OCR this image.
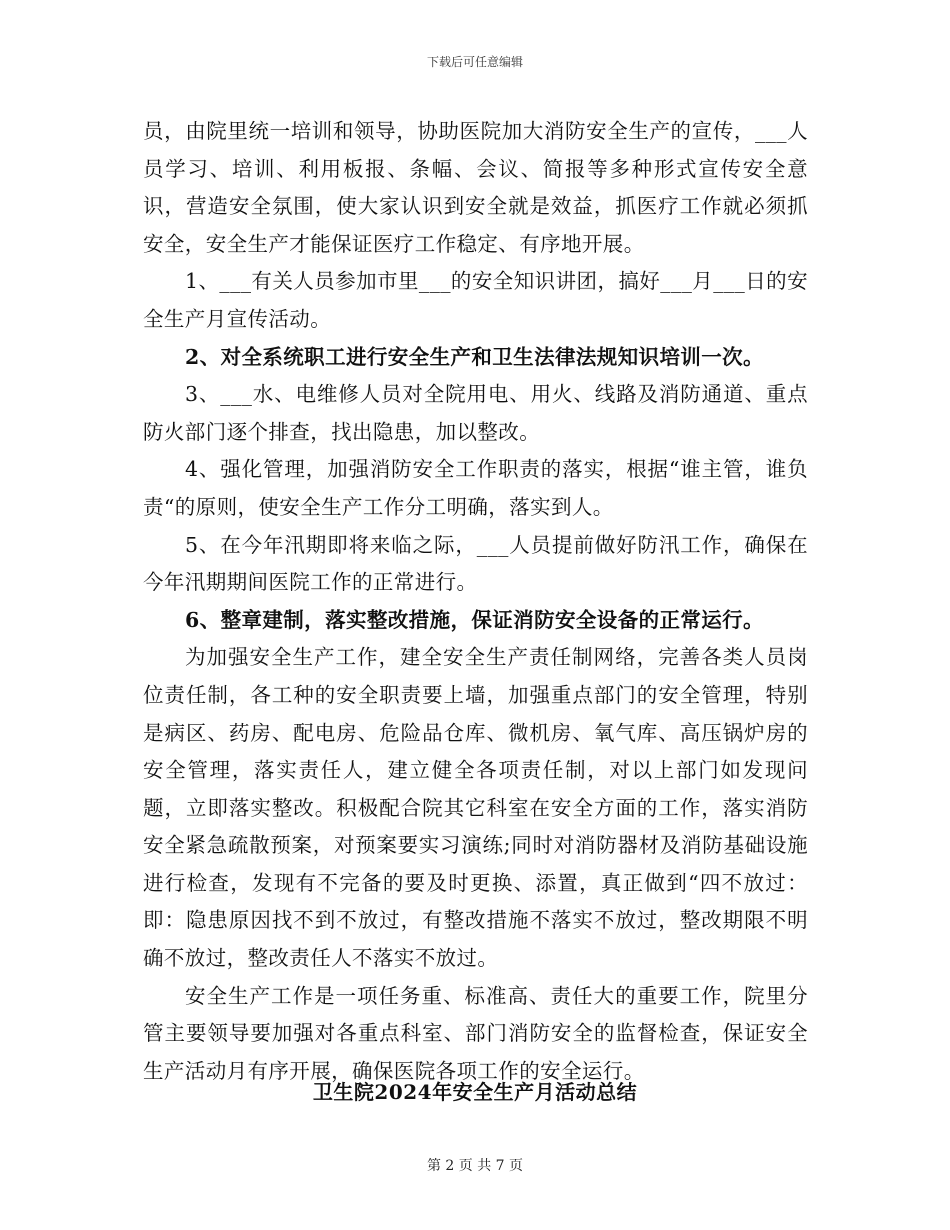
下载后可任意编辑

员，由院里统一培训和领导，协助医院加大消防安全生产的宣传，___人员学习、培训、利用板报、条幅、会议、简报等多种形式宣传安全意识，营造安全氛围，使大家认识到安全就是效益，抓医疗工作就必须抓安全，安全生产才能保证医疗工作稳定、有序地开展。

1、___有关人员参加市里___的安全知识讲团，搞好___月___日的安全生产月宣传活动。

2、对全系统职工进行安全生产和卫生法律法规知识培训一次。

3、___水、电维修人员对全院用电、用火、线路及消防通道、重点防火部门逐个排查，找出隐患，加以整改。

4、强化管理，加强消防安全工作职责的落实，根据“谁主管，谁负责“的原则，使安全生产工作分工明确，落实到人。

5、在今年汛期即将来临之际，___人员提前做好防汛工作，确保在今年汛期期间医院工作的正常进行。

6、整章建制，落实整改措施，保证消防安全设备的正常运行。

为加强安全生产工作，建全安全生产责任制网络，完善各类人员岗位责任制，各工种的安全职责要上墙，加强重点部门的安全管理，特别是病区、药房、配电房、危险品仓库、微机房、氧气库、高压锅炉房的安全管理，落实责任人，建立健全各项责任制，对以上部门如发现问题，立即落实整改。积极配合院其它科室在安全方面的工作，落实消防安全紧急疏散预案，对预案要实习演练;同时对消防器材及消防基础设施进行检查，发现有不完备的要及时更换、添置，真正做到“四不放过：即：隐患原因找不到不放过，有整改措施不落实不放过，整改期限不明确不放过，整改责任人不落实不放过。

安全生产工作是一项任务重、标准高、责任大的重要工作，院里分管主要领导要加强对各重点科室、部门消防安全的监督检查，保证安全生产活动月有序开展，确保医院各项工作的安全运行。

卫生院2024年安全生产月活动总结
第 2 页 共 7 页
